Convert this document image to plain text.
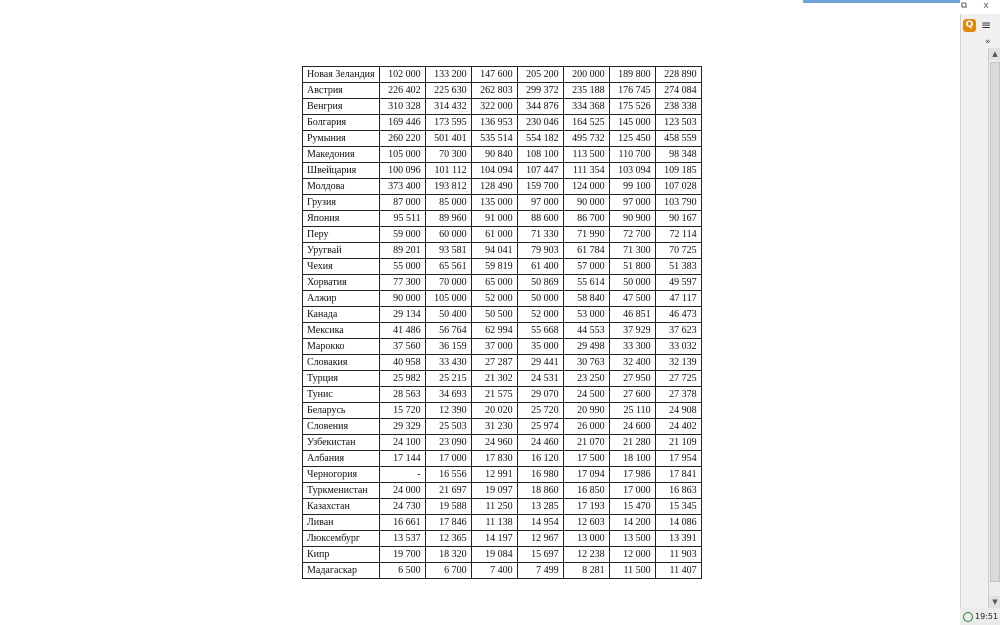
⧉	x
Q ≡
»
▲
▼
19:51
Новая Зеландия	102 000	133 200	147 600	205 200	200 000	189 800	228 890
Австрия	226 402	225 630	262 803	299 372	235 188	176 745	274 084
Венгрия	310 328	314 432	322 000	344 876	334 368	175 526	238 338
Болгария	169 446	173 595	136 953	230 046	164 525	145 000	123 503
Румыния	260 220	501 401	535 514	554 182	495 732	125 450	458 559
Македония	105 000	70 300	90 840	108 100	113 500	110 700	98 348
Швейцария	100 096	101 112	104 094	107 447	111 354	103 094	109 185
Молдова	373 400	193 812	128 490	159 700	124 000	99 100	107 028
Грузия	87 000	85 000	135 000	97 000	90 000	97 000	103 790
Япония	95 511	89 960	91 000	88 600	86 700	90 900	90 167
Перу	59 000	60 000	61 000	71 330	71 990	72 700	72 114
Уругвай	89 201	93 581	94 041	79 903	61 784	71 300	70 725
Чехия	55 000	65 561	59 819	61 400	57 000	51 800	51 383
Хорватия	77 300	70 000	65 000	50 869	55 614	50 000	49 597
Алжир	90 000	105 000	52 000	50 000	58 840	47 500	47 117
Канада	29 134	50 400	50 500	52 000	53 000	46 851	46 473
Мексика	41 486	56 764	62 994	55 668	44 553	37 929	37 623
Марокко	37 560	36 159	37 000	35 000	29 498	33 300	33 032
Словакия	40 958	33 430	27 287	29 441	30 763	32 400	32 139
Турция	25 982	25 215	21 302	24 531	23 250	27 950	27 725
Тунис	28 563	34 693	21 575	29 070	24 500	27 600	27 378
Беларусь	15 720	12 390	20 020	25 720	20 990	25 110	24 908
Словения	29 329	25 503	31 230	25 974	26 000	24 600	24 402
Узбекистан	24 100	23 090	24 960	24 460	21 070	21 280	21 109
Албания	17 144	17 000	17 830	16 120	17 500	18 100	17 954
Черногория	-	16 556	12 991	16 980	17 094	17 986	17 841
Туркменистан	24 000	21 697	19 097	18 860	16 850	17 000	16 863
Казахстан	24 730	19 588	11 250	13 285	17 193	15 470	15 345
Ливан	16 661	17 846	11 138	14 954	12 603	14 200	14 086
Люксембург	13 537	12 365	14 197	12 967	13 000	13 500	13 391
Кипр	19 700	18 320	19 084	15 697	12 238	12 000	11 903
Мадагаскар	6 500	6 700	7 400	7 499	8 281	11 500	11 407
